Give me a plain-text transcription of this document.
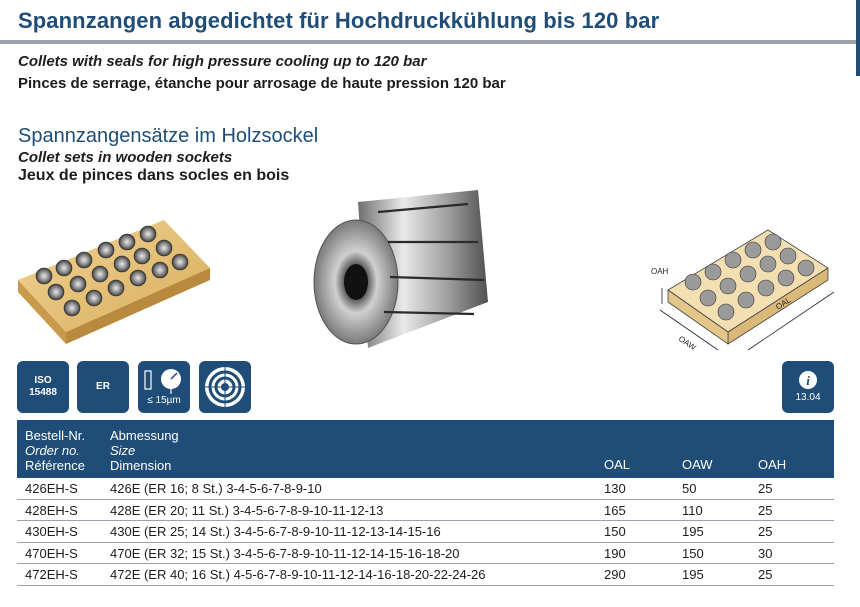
Spannzangen abgedichtet für Hochdruckkühlung bis 120 bar
Collets with seals for high pressure cooling up to 120 bar
Pinces de serrage, étanche pour arrosage de haute pression 120 bar
Spannzangensätze im Holzsockel
Collet sets in wooden sockets
Jeux de pinces dans socles en bois
OAH
OAW
OAL
ISO
15488
ER
≤ 15µm
i
13.04
Bestell-Nr.
Order no.
Référence
Abmessung
Size
Dimension	OAL	OAW	OAH
426EH-S 426E (ER 16; 8 St.) 3-4-5-6-7-8-9-10	130	50	25
428EH-S 428E (ER 20; 11 St.) 3-4-5-6-7-8-9-10-11-12-13	165	110	25
430EH-S 430E (ER 25; 14 St.) 3-4-5-6-7-8-9-10-11-12-13-14-15-16	150	195	25
470EH-S 470E (ER 32; 15 St.) 3-4-5-6-7-8-9-10-11-12-14-15-16-18-20	190	150	30
472EH-S 472E (ER 40; 16 St.) 4-5-6-7-8-9-10-11-12-14-16-18-20-22-24-26	290	195	25
